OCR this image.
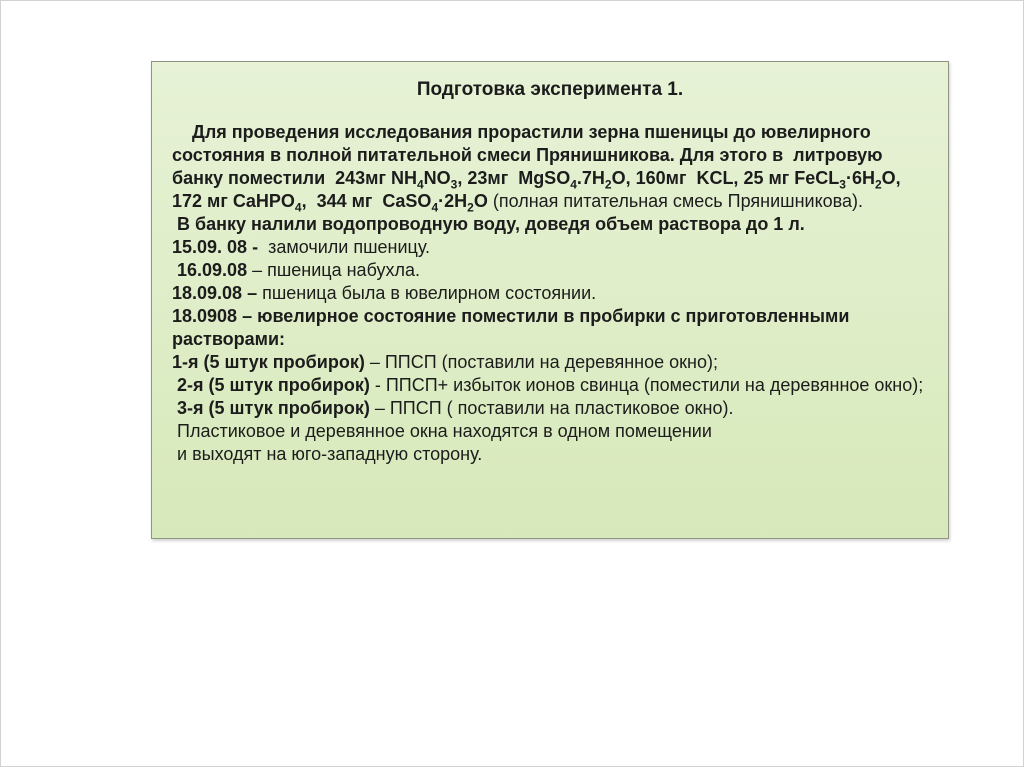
Подготовка эксперимента 1.
Для проведения исследования прорастили зерна пшеницы до ювелирного состояния в полной питательной смеси Прянишникова. Для этого в  литровую банку поместили  243мг $NH_4NO_3$, 23мг  $MgSO_4.7H_2O$, 160мг  KCL, 25 мг $FeCL_3\cdot 6H_2O$,  172 мг CaHPO$_4$,  344 мг  $CaSO_4\cdot 2H_2O$ (полная питательная смесь Прянишникова).
В банку налили водопроводную воду, доведя объем раствора до 1 л.
15.09. 08 -  замочили пшеницу.
16.09.08 – пшеница набухла.
18.09.08 – пшеница была в ювелирном состоянии.
18.0908 – ювелирное состояние поместили в пробирки с приготовленными растворами:
1-я (5 штук пробирок) – ППСП (поставили на деревянное окно);
2-я (5 штук пробирок) - ППСП+ избыток ионов свинца (поместили на деревянное окно);
3-я (5 штук пробирок) – ППСП ( поставили на пластиковое окно).
Пластиковое и деревянное окна находятся в одном помещении
и выходят на юго-западную сторону.
